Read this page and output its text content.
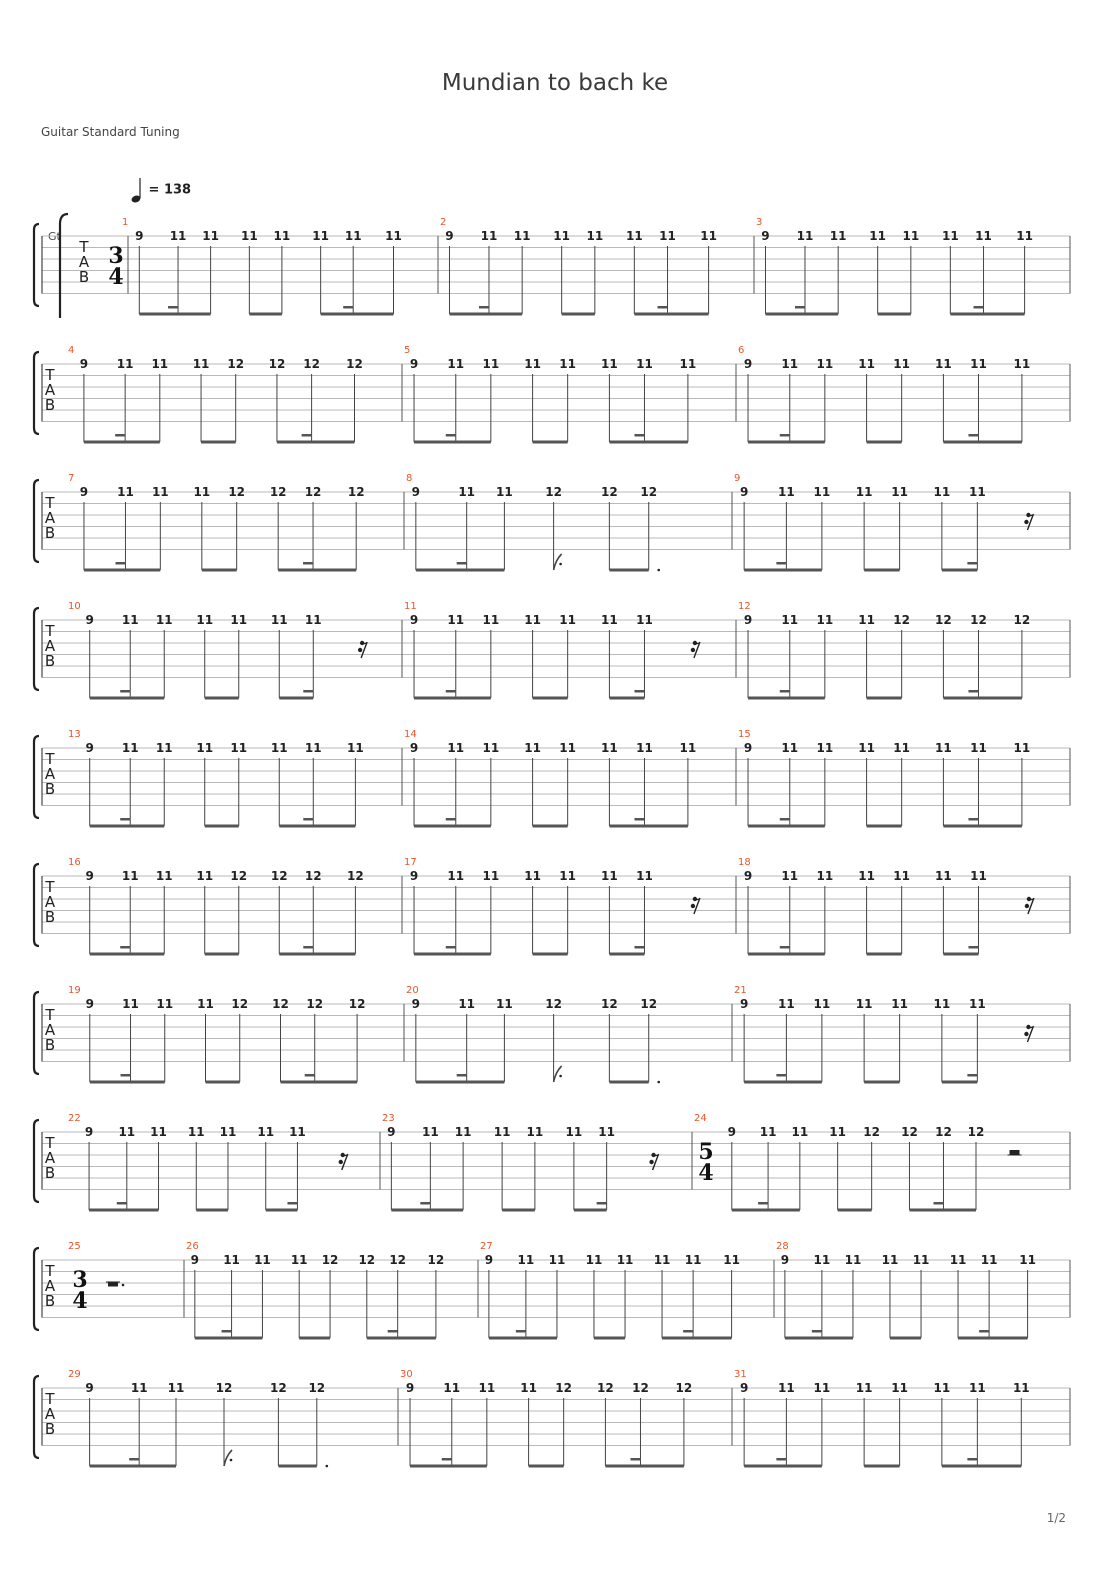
Mundian to bach ke
Guitar Standard Tuning
= 138
Gt
1/2
T
A
B
1
9 11 11 11 11 11 11 11
2
9 11 11 11 11 11 11 11
3
9 11 11 11 11 11 11 11
3
4
T
A
B
4
9 11 11 11 12 12 12 12
5
9 11 11 11 11 11 11 11
6
9 11 11 11 11 11 11 11
T
A
B
7
9 11 11 11 12 12 12 12
8
9	11 11	12	12 12
9
9 11 11 11 11 11 11
T
A
B
10
9 11 11 11 11 11 11
11
9 11 11 11 11 11 11
12
9 11 11 11 12 12 12 12
T
A
B
13
9 11 11 11 11 11 11 11
14
9 11 11 11 11 11 11 11
15
9 11 11 11 11 11 11 11
T
A
B
16
9 11 11 11 12 12 12 12
17
9 11 11 11 11 11 11
18
9 11 11 11 11 11 11
T
A
B
19
9 11 11 11 12 12 12 12
20
9	11 11	12	12 12
21
9 11 11 11 11 11 11
T
A
B
22
9 11 11 11 11 11 11
23
9 11 11 11 11 11 11
24
9 11 11 11 12 12 12 12
5
4
T
A
B
25	26
9 11 11 11 12 12 12 12
27
9 11 11 11 11 11 11 11
28
9 11 11 11 11 11 11 11
3
4
T
A
B
29
9	11 11	12	12 12
30
9 11 11 11 12 12 12 12
31
9 11 11 11 11 11 11 11
